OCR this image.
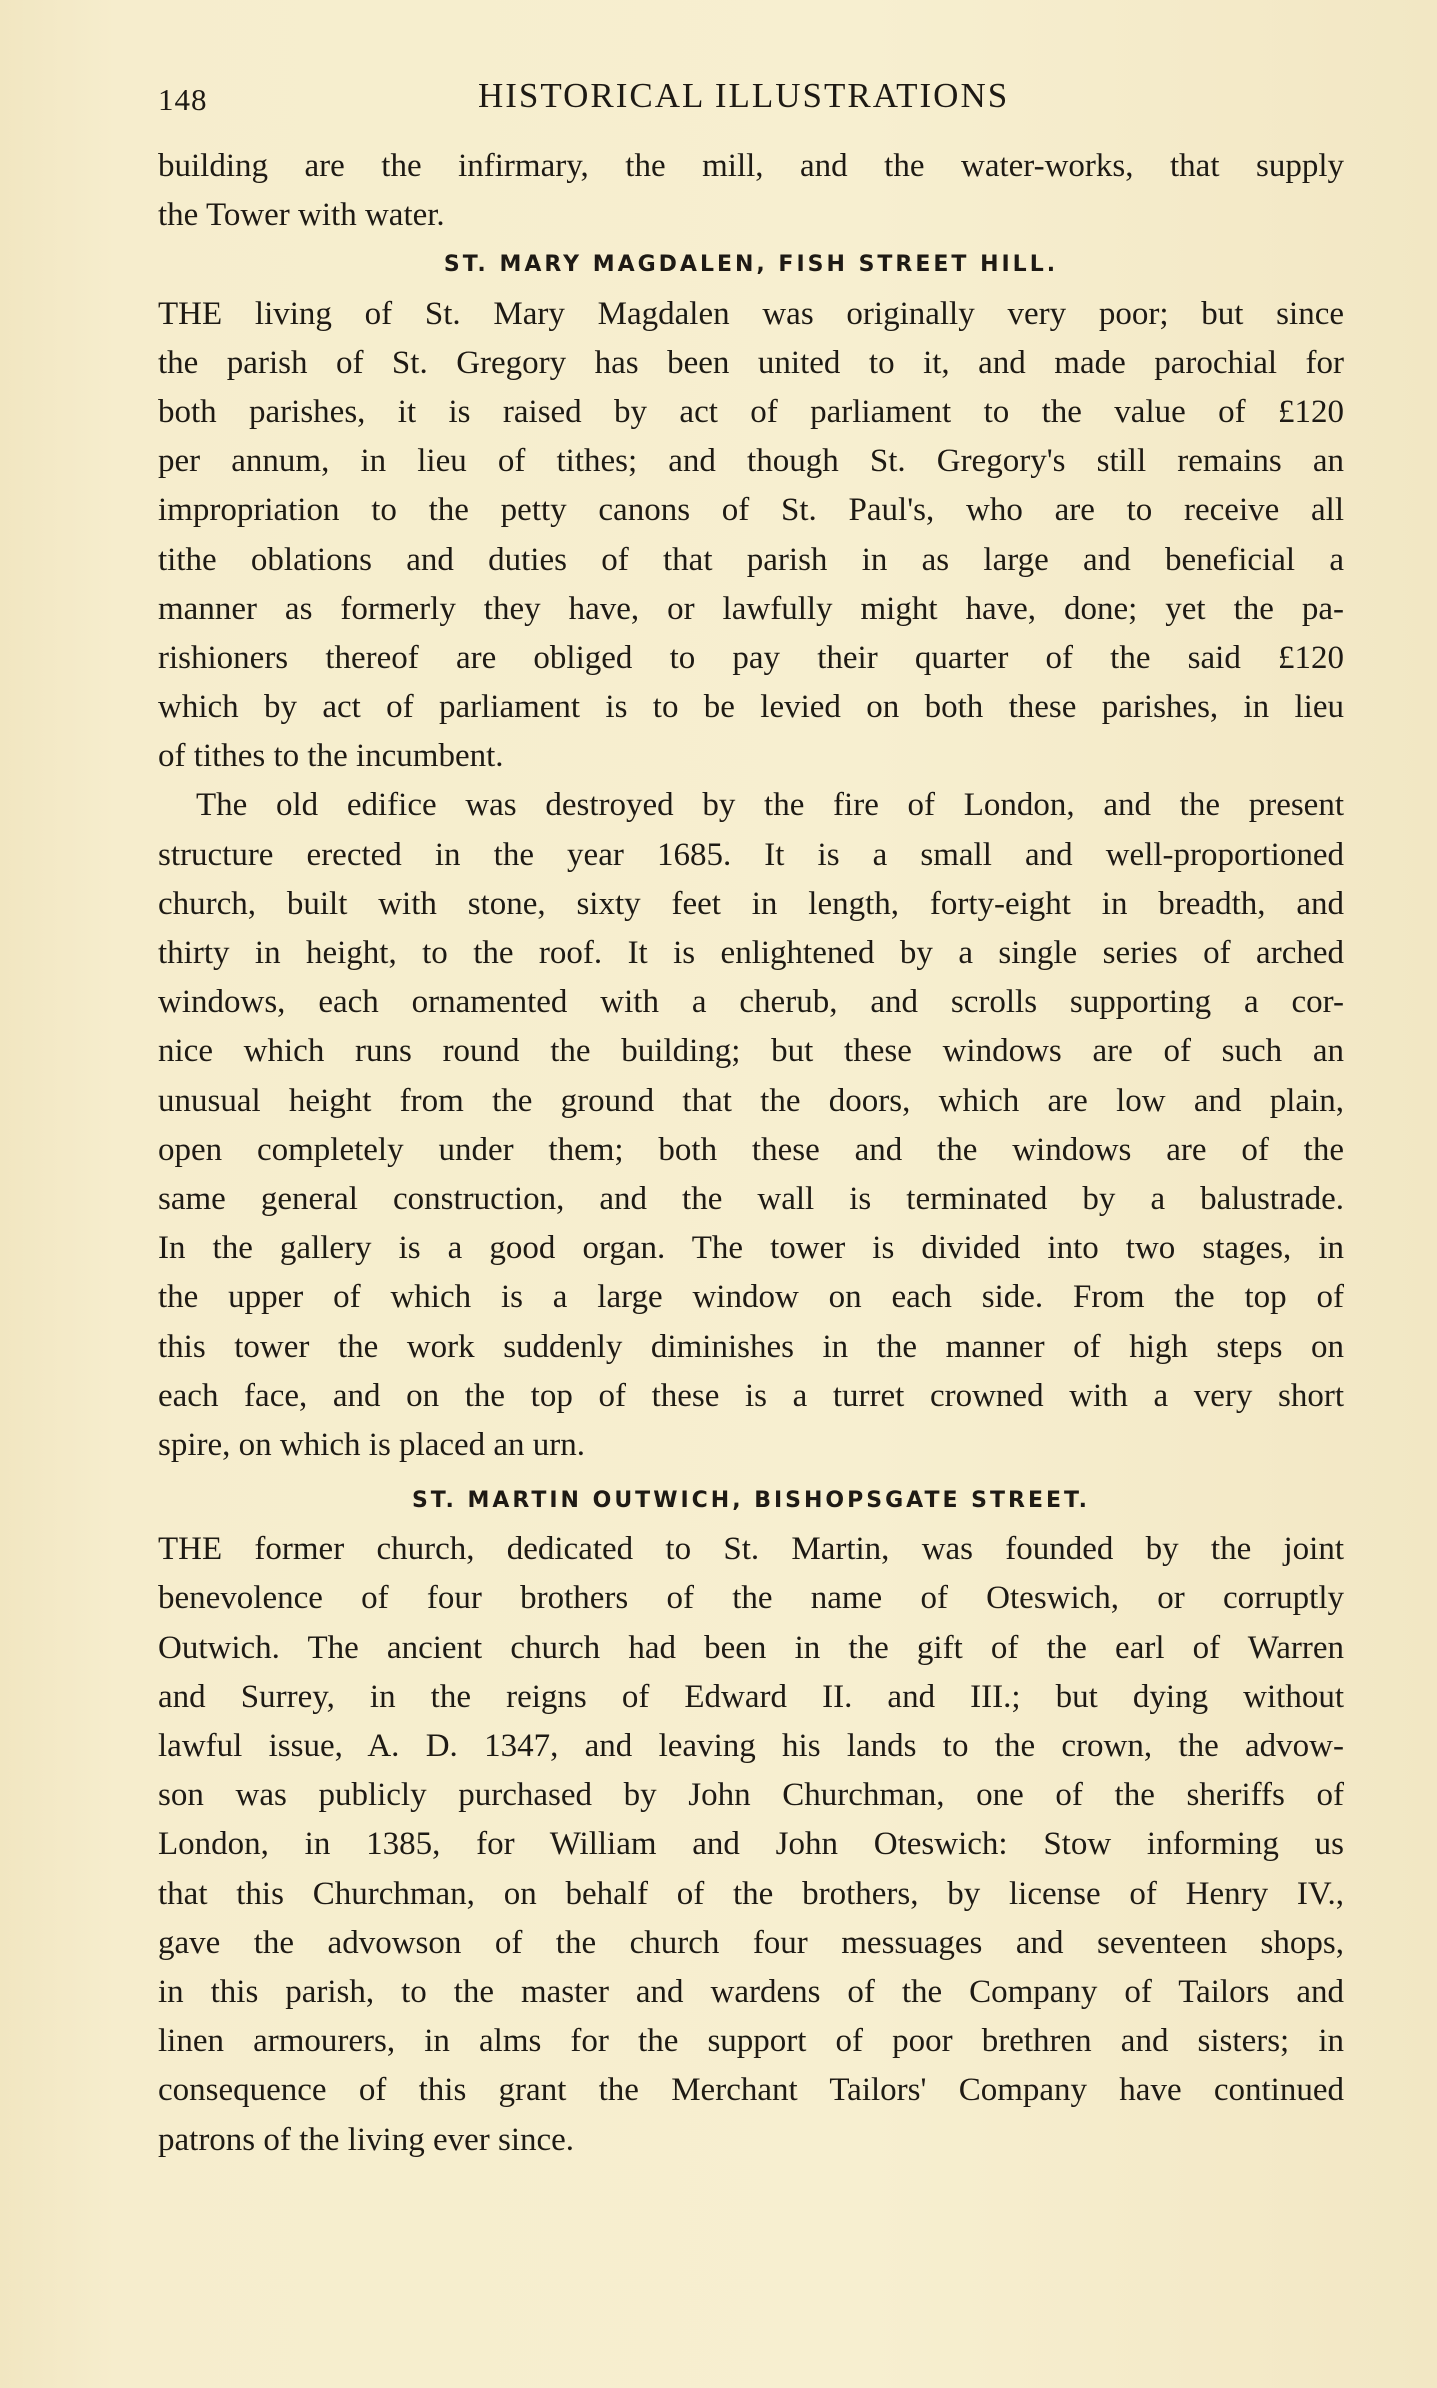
148	HISTORICAL ILLUSTRATIONS
building are the infirmary, the mill, and the water-works, that supply
the Tower with water.
ST. MARY MAGDALEN, FISH STREET HILL.
THE living of St. Mary Magdalen was originally very poor; but since
the parish of St. Gregory has been united to it, and made parochial for
both parishes, it is raised by act of parliament to the value of £120
per annum, in lieu of tithes; and though St. Gregory's still remains an
impropriation to the petty canons of St. Paul's, who are to receive all
tithe oblations and duties of that parish in as large and beneficial a
manner as formerly they have, or lawfully might have, done; yet the pa-
rishioners thereof are obliged to pay their quarter of the said £120
which by act of parliament is to be levied on both these parishes, in lieu
of tithes to the incumbent.
The old edifice was destroyed by the fire of London, and the present
structure erected in the year 1685. It is a small and well-proportioned
church, built with stone, sixty feet in length, forty-eight in breadth, and
thirty in height, to the roof. It is enlightened by a single series of arched
windows, each ornamented with a cherub, and scrolls supporting a cor-
nice which runs round the building; but these windows are of such an
unusual height from the ground that the doors, which are low and plain,
open completely under them; both these and the windows are of the
same general construction, and the wall is terminated by a balustrade.
In the gallery is a good organ. The tower is divided into two stages, in
the upper of which is a large window on each side. From the top of
this tower the work suddenly diminishes in the manner of high steps on
each face, and on the top of these is a turret crowned with a very short
spire, on which is placed an urn.
ST. MARTIN OUTWICH, BISHOPSGATE STREET.
THE former church, dedicated to St. Martin, was founded by the joint
benevolence of four brothers of the name of Oteswich, or corruptly
Outwich. The ancient church had been in the gift of the earl of Warren
and Surrey, in the reigns of Edward II. and III.; but dying without
lawful issue, A. D. 1347, and leaving his lands to the crown, the advow-
son was publicly purchased by John Churchman, one of the sheriffs of
London, in 1385, for William and John Oteswich: Stow informing us
that this Churchman, on behalf of the brothers, by license of Henry IV.,
gave the advowson of the church four messuages and seventeen shops,
in this parish, to the master and wardens of the Company of Tailors and
linen armourers, in alms for the support of poor brethren and sisters; in
consequence of this grant the Merchant Tailors' Company have continued
patrons of the living ever since.
